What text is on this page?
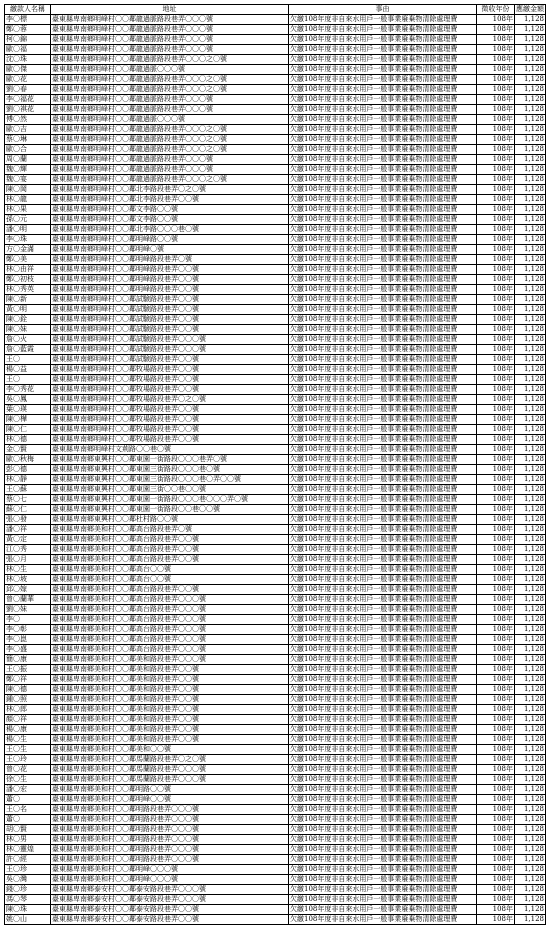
繳款人名稱	地址	事由	徵收年份	應繳金額
李〇標	臺東縣卑南鄉明峰村〇〇鄰龍過脈路段巷弄〇〇〇號	欠繳108年度非自來水用戶一般事業廢棄物清除處理費	108年	1,128
鄭〇蓉	臺東縣卑南鄉明峰村〇〇鄰龍過脈路段巷弄〇〇〇號	欠繳108年度非自來水用戶一般事業廢棄物清除處理費	108年	1,128
柯〇錦	臺東縣卑南鄉明峰村〇〇鄰龍過脈路段巷弄〇〇〇號	欠繳108年度非自來水用戶一般事業廢棄物清除處理費	108年	1,128
歐〇福	臺東縣卑南鄉明峰村〇〇鄰龍過脈路段巷弄〇〇〇號	欠繳108年度非自來水用戶一般事業廢棄物清除處理費	108年	1,128
沈〇珠	臺東縣卑南鄉明峰村〇〇鄰龍過脈路段巷弄〇〇〇之〇號	欠繳108年度非自來水用戶一般事業廢棄物清除處理費	108年	1,128
歐〇傑	臺東縣卑南鄉明峰村〇〇鄰龍過脈〇〇〇號	欠繳108年度非自來水用戶一般事業廢棄物清除處理費	108年	1,128
歐〇花	臺東縣卑南鄉明峰村〇〇鄰龍過脈路段巷弄〇〇〇之〇號	欠繳108年度非自來水用戶一般事業廢棄物清除處理費	108年	1,128
劉〇春	臺東縣卑南鄉明峰村〇〇鄰龍過脈路段巷弄〇〇〇之〇號	欠繳108年度非自來水用戶一般事業廢棄物清除處理費	108年	1,128
李〇福花	臺東縣卑南鄉明峰村〇〇鄰龍過脈路段巷弄〇〇〇號	欠繳108年度非自來水用戶一般事業廢棄物清除處理費	108年	1,128
劉〇祺花	臺東縣卑南鄉明峰村〇〇鄰龍過脈路段巷弄〇〇〇號	欠繳108年度非自來水用戶一般事業廢棄物清除處理費	108年	1,128
傅〇然	臺東縣卑南鄉明峰村〇〇鄰龍過脈〇〇〇號	欠繳108年度非自來水用戶一般事業廢棄物清除處理費	108年	1,128
歐〇吉	臺東縣卑南鄉明峰村〇〇鄰龍過脈路段巷弄〇〇〇之〇號	欠繳108年度非自來水用戶一般事業廢棄物清除處理費	108年	1,128
蔡〇琳	臺東縣卑南鄉明峰村〇〇鄰龍過脈路段巷弄〇〇〇之〇號	欠繳108年度非自來水用戶一般事業廢棄物清除處理費	108年	1,128
歐〇合	臺東縣卑南鄉明峰村〇〇鄰龍過脈路段巷弄〇〇〇之〇號	欠繳108年度非自來水用戶一般事業廢棄物清除處理費	108年	1,128
周〇蘭	臺東縣卑南鄉明峰村〇〇鄰龍過脈路段巷弄〇〇〇號	欠繳108年度非自來水用戶一般事業廢棄物清除處理費	108年	1,128
魏〇輝	臺東縣卑南鄉明峰村〇〇鄰龍過脈路段巷弄〇〇〇號	欠繳108年度非自來水用戶一般事業廢棄物清除處理費	108年	1,128
魏〇宴	臺東縣卑南鄉明峰村〇〇鄰龍過脈路段巷弄〇〇〇之〇號	欠繳108年度非自來水用戶一般事業廢棄物清除處理費	108年	1,128
陳〇岡	臺東縣卑南鄉明峰村〇〇鄰北李路段巷弄〇之〇號	欠繳108年度非自來水用戶一般事業廢棄物清除處理費	108年	1,128
林〇龍	臺東縣卑南鄉明峰村〇〇鄰北李路段巷弄〇〇號	欠繳108年度非自來水用戶一般事業廢棄物清除處理費	108年	1,128
林〇果	臺東縣卑南鄉明峰村〇〇鄰文李路〇〇號	欠繳108年度非自來水用戶一般事業廢棄物清除處理費	108年	1,128
孫〇元	臺東縣卑南鄉明峰村〇〇鄰文李路〇〇號	欠繳108年度非自來水用戶一般事業廢棄物清除處理費	108年	1,128
潘〇明	臺東縣卑南鄉明峰村〇〇鄰北李路〇〇〇巷〇號	欠繳108年度非自來水用戶一般事業廢棄物清除處理費	108年	1,128
李〇珠	臺東縣卑南鄉明峰村〇〇鄰明峰路〇〇號	欠繳108年度非自來水用戶一般事業廢棄物清除處理費	108年	1,128
方〇金滿	臺東縣卑南鄉明峰村〇〇鄰明峰〇號	欠繳108年度非自來水用戶一般事業廢棄物清除處理費	108年	1,128
鄭〇美	臺東縣卑南鄉明峰村〇〇鄰明峰路段巷弄〇號	欠繳108年度非自來水用戶一般事業廢棄物清除處理費	108年	1,128
林〇由祥	臺東縣卑南鄉明峰村〇〇鄰明峰路段巷弄〇〇號	欠繳108年度非自來水用戶一般事業廢棄物清除處理費	108年	1,128
鄭〇初枝	臺東縣卑南鄉明峰村〇〇鄰明峰路段巷弄〇〇號	欠繳108年度非自來水用戶一般事業廢棄物清除處理費	108年	1,128
林〇秀英	臺東縣卑南鄉明峰村〇〇鄰明峰路段巷弄〇〇號	欠繳108年度非自來水用戶一般事業廢棄物清除處理費	108年	1,128
陳〇新	臺東縣卑南鄉明峰村〇〇鄰試驗路段巷弄〇〇號	欠繳108年度非自來水用戶一般事業廢棄物清除處理費	108年	1,128
黃〇明	臺東縣卑南鄉明峰村〇〇鄰試驗路段巷弄〇〇號	欠繳108年度非自來水用戶一般事業廢棄物清除處理費	108年	1,128
陳〇銓	臺東縣卑南鄉明峰村〇〇鄰試驗路段巷弄〇〇號	欠繳108年度非自來水用戶一般事業廢棄物清除處理費	108年	1,128
陳〇妹	臺東縣卑南鄉明峰村〇〇鄰試驗路段巷弄〇〇號	欠繳108年度非自來水用戶一般事業廢棄物清除處理費	108年	1,128
詹〇火	臺東縣卑南鄉明峰村〇〇鄰試驗路段巷弄〇〇〇號	欠繳108年度非自來水用戶一般事業廢棄物清除處理費	108年	1,128
詹〇藍霞	臺東縣卑南鄉明峰村〇〇鄰試驗路段巷弄〇〇〇號	欠繳108年度非自來水用戶一般事業廢棄物清除處理費	108年	1,128
王〇	臺東縣卑南鄉明峰村〇〇鄰試驗路段巷弄〇〇號	欠繳108年度非自來水用戶一般事業廢棄物清除處理費	108年	1,128
楊〇益	臺東縣卑南鄉明峰村〇〇鄰牧場路段巷弄〇〇號	欠繳108年度非自來水用戶一般事業廢棄物清除處理費	108年	1,128
王〇	臺東縣卑南鄉明峰村〇〇鄰牧場路段巷弄〇〇號	欠繳108年度非自來水用戶一般事業廢棄物清除處理費	108年	1,128
李〇秀花	臺東縣卑南鄉明峰村〇〇鄰牧場路段巷弄〇〇號	欠繳108年度非自來水用戶一般事業廢棄物清除處理費	108年	1,128
吳〇鳳	臺東縣卑南鄉明峰村〇〇鄰牧場路段巷弄〇之〇號	欠繳108年度非自來水用戶一般事業廢棄物清除處理費	108年	1,128
葉〇瑛	臺東縣卑南鄉明峰村〇〇鄰牧場路段巷弄〇〇號	欠繳108年度非自來水用戶一般事業廢棄物清除處理費	108年	1,128
陳〇樺	臺東縣卑南鄉明峰村〇〇鄰牧場路段巷弄〇〇號	欠繳108年度非自來水用戶一般事業廢棄物清除處理費	108年	1,128
陳〇仁	臺東縣卑南鄉明峰村〇〇鄰牧場路段巷弄〇〇號	欠繳108年度非自來水用戶一般事業廢棄物清除處理費	108年	1,128
林〇德	臺東縣卑南鄉明峰村〇〇鄰牧場路段巷弄〇〇號	欠繳108年度非自來水用戶一般事業廢棄物清除處理費	108年	1,128
金〇賢	臺東縣卑南鄉明峰村文荊路〇〇巷〇號	欠繳108年度非自來水用戶一般事業廢棄物清除處理費	108年	1,128
歐〇秋梅	臺東縣卑南鄉東興村〇〇鄰東園一街路段〇〇〇巷弄〇號	欠繳108年度非自來水用戶一般事業廢棄物清除處理費	108年	1,128
彭〇德	臺東縣卑南鄉東興村〇〇鄰東園三街路段〇〇〇巷〇號	欠繳108年度非自來水用戶一般事業廢棄物清除處理費	108年	1,128
林〇靜	臺東縣卑南鄉東興村〇〇鄰東園三街路段〇〇〇巷〇弄〇〇號	欠繳108年度非自來水用戶一般事業廢棄物清除處理費	108年	1,128
王〇蘇	臺東縣卑南鄉東興村〇〇鄰東園三街〇〇巷〇〇號	欠繳108年度非自來水用戶一般事業廢棄物清除處理費	108年	1,128
蔡〇七	臺東縣卑南鄉東興村〇〇鄰東園一街路段〇〇〇巷〇〇〇弄〇號	欠繳108年度非自來水用戶一般事業廢棄物清除處理費	108年	1,128
蘇〇仁	臺東縣卑南鄉東興村〇〇鄰東園一街路段〇〇巷〇〇號	欠繳108年度非自來水用戶一般事業廢棄物清除處理費	108年	1,128
張〇發	臺東縣卑南鄉東興村〇〇鄰杜村路〇〇號	欠繳108年度非自來水用戶一般事業廢棄物清除處理費	108年	1,128
潘〇祥	臺東縣卑南鄉美和村〇〇鄰高台路段巷弄〇號	欠繳108年度非自來水用戶一般事業廢棄物清除處理費	108年	1,128
黃〇定	臺東縣卑南鄉美和村〇〇鄰高台路段巷弄〇〇號	欠繳108年度非自來水用戶一般事業廢棄物清除處理費	108年	1,128
江〇秀	臺東縣卑南鄉美和村〇〇鄰高台路段巷弄〇〇號	欠繳108年度非自來水用戶一般事業廢棄物清除處理費	108年	1,128
張〇月	臺東縣卑南鄉美和村〇〇鄰高台路段巷弄〇〇號	欠繳108年度非自來水用戶一般事業廢棄物清除處理費	108年	1,128
林〇生	臺東縣卑南鄉美和村〇〇鄰高台〇〇號	欠繳108年度非自來水用戶一般事業廢棄物清除處理費	108年	1,128
林〇坡	臺東縣卑南鄉美和村〇〇鄰高台〇〇號	欠繳108年度非自來水用戶一般事業廢棄物清除處理費	108年	1,128
邱〇嫁	臺東縣卑南鄉美和村〇〇鄰高台路段巷弄〇〇號	欠繳108年度非自來水用戶一般事業廢棄物清除處理費	108年	1,128
曾〇蘭華	臺東縣卑南鄉美和村〇〇鄰高台路段巷弄〇〇〇號	欠繳108年度非自來水用戶一般事業廢棄物清除處理費	108年	1,128
劉〇妹	臺東縣卑南鄉美和村〇〇鄰高台路段巷弄〇〇〇號	欠繳108年度非自來水用戶一般事業廢棄物清除處理費	108年	1,128
李〇	臺東縣卑南鄉美和村〇〇鄰高台路段巷弄〇〇〇號	欠繳108年度非自來水用戶一般事業廢棄物清除處理費	108年	1,128
李〇彰	臺東縣卑南鄉美和村〇〇鄰高台路段巷弄〇〇〇號	欠繳108年度非自來水用戶一般事業廢棄物清除處理費	108年	1,128
李〇崑	臺東縣卑南鄉美和村〇〇鄰高台路段巷弄〇〇〇號	欠繳108年度非自來水用戶一般事業廢棄物清除處理費	108年	1,128
李〇盛	臺東縣卑南鄉美和村〇〇鄰高台路段巷弄〇〇〇號	欠繳108年度非自來水用戶一般事業廢棄物清除處理費	108年	1,128
簡〇康	臺東縣卑南鄉美和村〇〇鄰美和路段巷弄〇〇〇號	欠繳108年度非自來水用戶一般事業廢棄物清除處理費	108年	1,128
王〇振	臺東縣卑南鄉美和村〇〇鄰美和路段巷弄〇〇號	欠繳108年度非自來水用戶一般事業廢棄物清除處理費	108年	1,128
鄭〇祥	臺東縣卑南鄉美和村〇〇鄰美和路段巷弄〇〇號	欠繳108年度非自來水用戶一般事業廢棄物清除處理費	108年	1,128
陳〇德	臺東縣卑南鄉美和村〇〇鄰美和路段巷弄〇〇號	欠繳108年度非自來水用戶一般事業廢棄物清除處理費	108年	1,128
鍾〇照	臺東縣卑南鄉美和村〇〇鄰美和路段巷弄〇〇號	欠繳108年度非自來水用戶一般事業廢棄物清除處理費	108年	1,128
林〇郎	臺東縣卑南鄉美和村〇〇鄰美和路段巷弄〇〇號	欠繳108年度非自來水用戶一般事業廢棄物清除處理費	108年	1,128
顏〇祥	臺東縣卑南鄉美和村〇〇鄰美和路段巷弄〇〇號	欠繳108年度非自來水用戶一般事業廢棄物清除處理費	108年	1,128
楊〇康	臺東縣卑南鄉美和村〇〇鄰美和路段巷弄〇〇號	欠繳108年度非自來水用戶一般事業廢棄物清除處理費	108年	1,128
楊〇生	臺東縣卑南鄉美和村〇〇鄰美和路段巷弄〇〇號	欠繳108年度非自來水用戶一般事業廢棄物清除處理費	108年	1,128
王〇生	臺東縣卑南鄉美和村〇〇鄰美和〇〇號	欠繳108年度非自來水用戶一般事業廢棄物清除處理費	108年	1,128
王〇玲	臺東縣卑南鄉美和村〇〇鄰馬蘭路段巷弄〇之〇號	欠繳108年度非自來水用戶一般事業廢棄物清除處理費	108年	1,128
曾〇花	臺東縣卑南鄉美和村〇〇鄰馬蘭路段巷弄〇〇〇號	欠繳108年度非自來水用戶一般事業廢棄物清除處理費	108年	1,128
徐〇生	臺東縣卑南鄉美和村〇〇鄰馬蘭路段巷弄〇〇〇號	欠繳108年度非自來水用戶一般事業廢棄物清除處理費	108年	1,128
潘〇宏	臺東縣卑南鄉美和村〇〇鄰明路〇〇號	欠繳108年度非自來水用戶一般事業廢棄物清除處理費	108年	1,128
蕭〇	臺東縣卑南鄉美和村〇〇鄰明峰〇〇號	欠繳108年度非自來水用戶一般事業廢棄物清除處理費	108年	1,128
王〇名	臺東縣卑南鄉美和村〇〇鄰明路段巷弄〇〇〇號	欠繳108年度非自來水用戶一般事業廢棄物清除處理費	108年	1,128
蕭〇	臺東縣卑南鄉美和村〇〇鄰明路段巷弄〇〇〇號	欠繳108年度非自來水用戶一般事業廢棄物清除處理費	108年	1,128
胡〇賢	臺東縣卑南鄉美和村〇〇鄰明路段巷弄〇〇〇號	欠繳108年度非自來水用戶一般事業廢棄物清除處理費	108年	1,128
林〇男	臺東縣卑南鄉美和村〇〇鄰明路段巷弄〇〇〇號	欠繳108年度非自來水用戶一般事業廢棄物清除處理費	108年	1,128
林〇靈煌	臺東縣卑南鄉美和村〇〇鄰明路段巷弄〇〇〇號	欠繳108年度非自來水用戶一般事業廢棄物清除處理費	108年	1,128
許〇經	臺東縣卑南鄉美和村〇〇鄰明路段巷弄〇〇〇號	欠繳108年度非自來水用戶一般事業廢棄物清除處理費	108年	1,128
王〇珍	臺東縣卑南鄉美和村〇〇鄰明峰〇〇〇號	欠繳108年度非自來水用戶一般事業廢棄物清除處理費	108年	1,128
吳〇灣	臺東縣卑南鄉美和村〇〇鄰明峰〇〇〇號	欠繳108年度非自來水用戶一般事業廢棄物清除處理費	108年	1,128
錢〇珍	臺東縣卑南鄉泰安村〇〇鄰泰安路段巷弄〇〇〇號	欠繳108年度非自來水用戶一般事業廢棄物清除處理費	108年	1,128
馮〇琴	臺東縣卑南鄉泰安村〇〇鄰泰安路段巷弄〇〇〇號	欠繳108年度非自來水用戶一般事業廢棄物清除處理費	108年	1,128
陳〇珠	臺東縣卑南鄉泰安村〇〇鄰泰安路段巷弄〇〇號	欠繳108年度非自來水用戶一般事業廢棄物清除處理費	108年	1,128
姚〇山	臺東縣卑南鄉泰安村〇〇鄰泰安路段巷弄〇〇號	欠繳108年度非自來水用戶一般事業廢棄物清除處理費	108年	1,128
